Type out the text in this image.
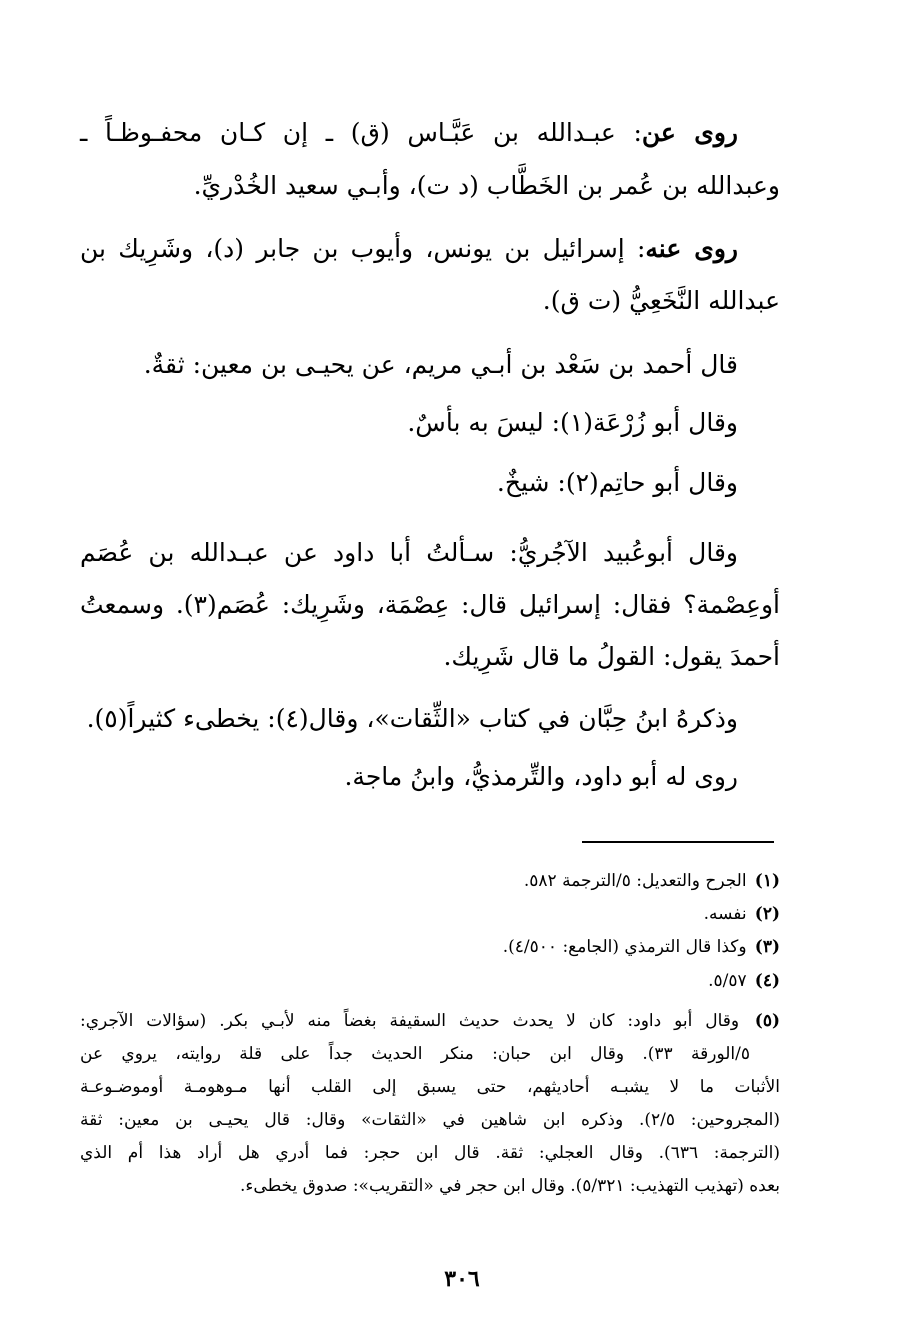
روى عن: عبـدالله بن عَبَّـاس (ق) ـ إن كـان محفـوظـاً ـ
وعبدالله بن عُمر بن الخَطَّاب (د ت)، وأبـي سعيد الخُدْريِّ.
روى عنه: إسرائيل بن يونس، وأيوب بن جابر (د)، وشَرِيك بن
عبدالله النَّخَعِيُّ (ت ق).
قال أحمد بن سَعْد بن أبـي مريم، عن يحيـى بن معين: ثقةٌ.
وقال أبو زُرْعَة(١): ليسَ به بأسٌ.
وقال أبو حاتِم(٢): شيخٌ.
وقال أبوعُبيد الآجُريُّ: سـألتُ أبا داود عن عبـدالله بن عُصَم
أوعِصْمة؟ فقال: إسرائيل قال: عِصْمَة، وشَرِيك: عُصَم(٣). وسمعتُ
أحمدَ يقول: القولُ ما قال شَرِيك.
وذكرهُ ابنُ حِبَّان في كتاب «الثِّقات»، وقال(٤): يخطىء كثيراً(٥).
روى له أبو داود، والتِّرمذيُّ، وابنُ ماجة.
(١) الجرح والتعديل: ٥/الترجمة ٥٨٢.
(٢) نفسه.
(٣) وكذا قال الترمذي (الجامع: ٤/٥٠٠).
(٤) ٥/٥٧.
(٥) وقال أبو داود: كان لا يحدث حديث السقيفة بغضاً منه لأبـي بكر. (سؤالات الآجري:
٥/الورقة ٣٣). وقال ابن حبان: منكر الحديث جداً على قلة روايته، يروي عن
الأثبات ما لا يشبـه أحاديثهم، حتى يسبق إلى القلب أنها مـوهومـة أوموضـوعـة
(المجروحين: ٢/٥). وذكره ابن شاهين في «الثقات» وقال: قال يحيـى بن معين: ثقة
(الترجمة: ٦٣٦). وقال العجلي: ثقة. قال ابن حجر: فما أدري هل أراد هذا أم الذي
بعده (تهذيب التهذيب: ٥/٣٢١). وقال ابن حجر في «التقريب»: صدوق يخطىء.
٣٠٦
